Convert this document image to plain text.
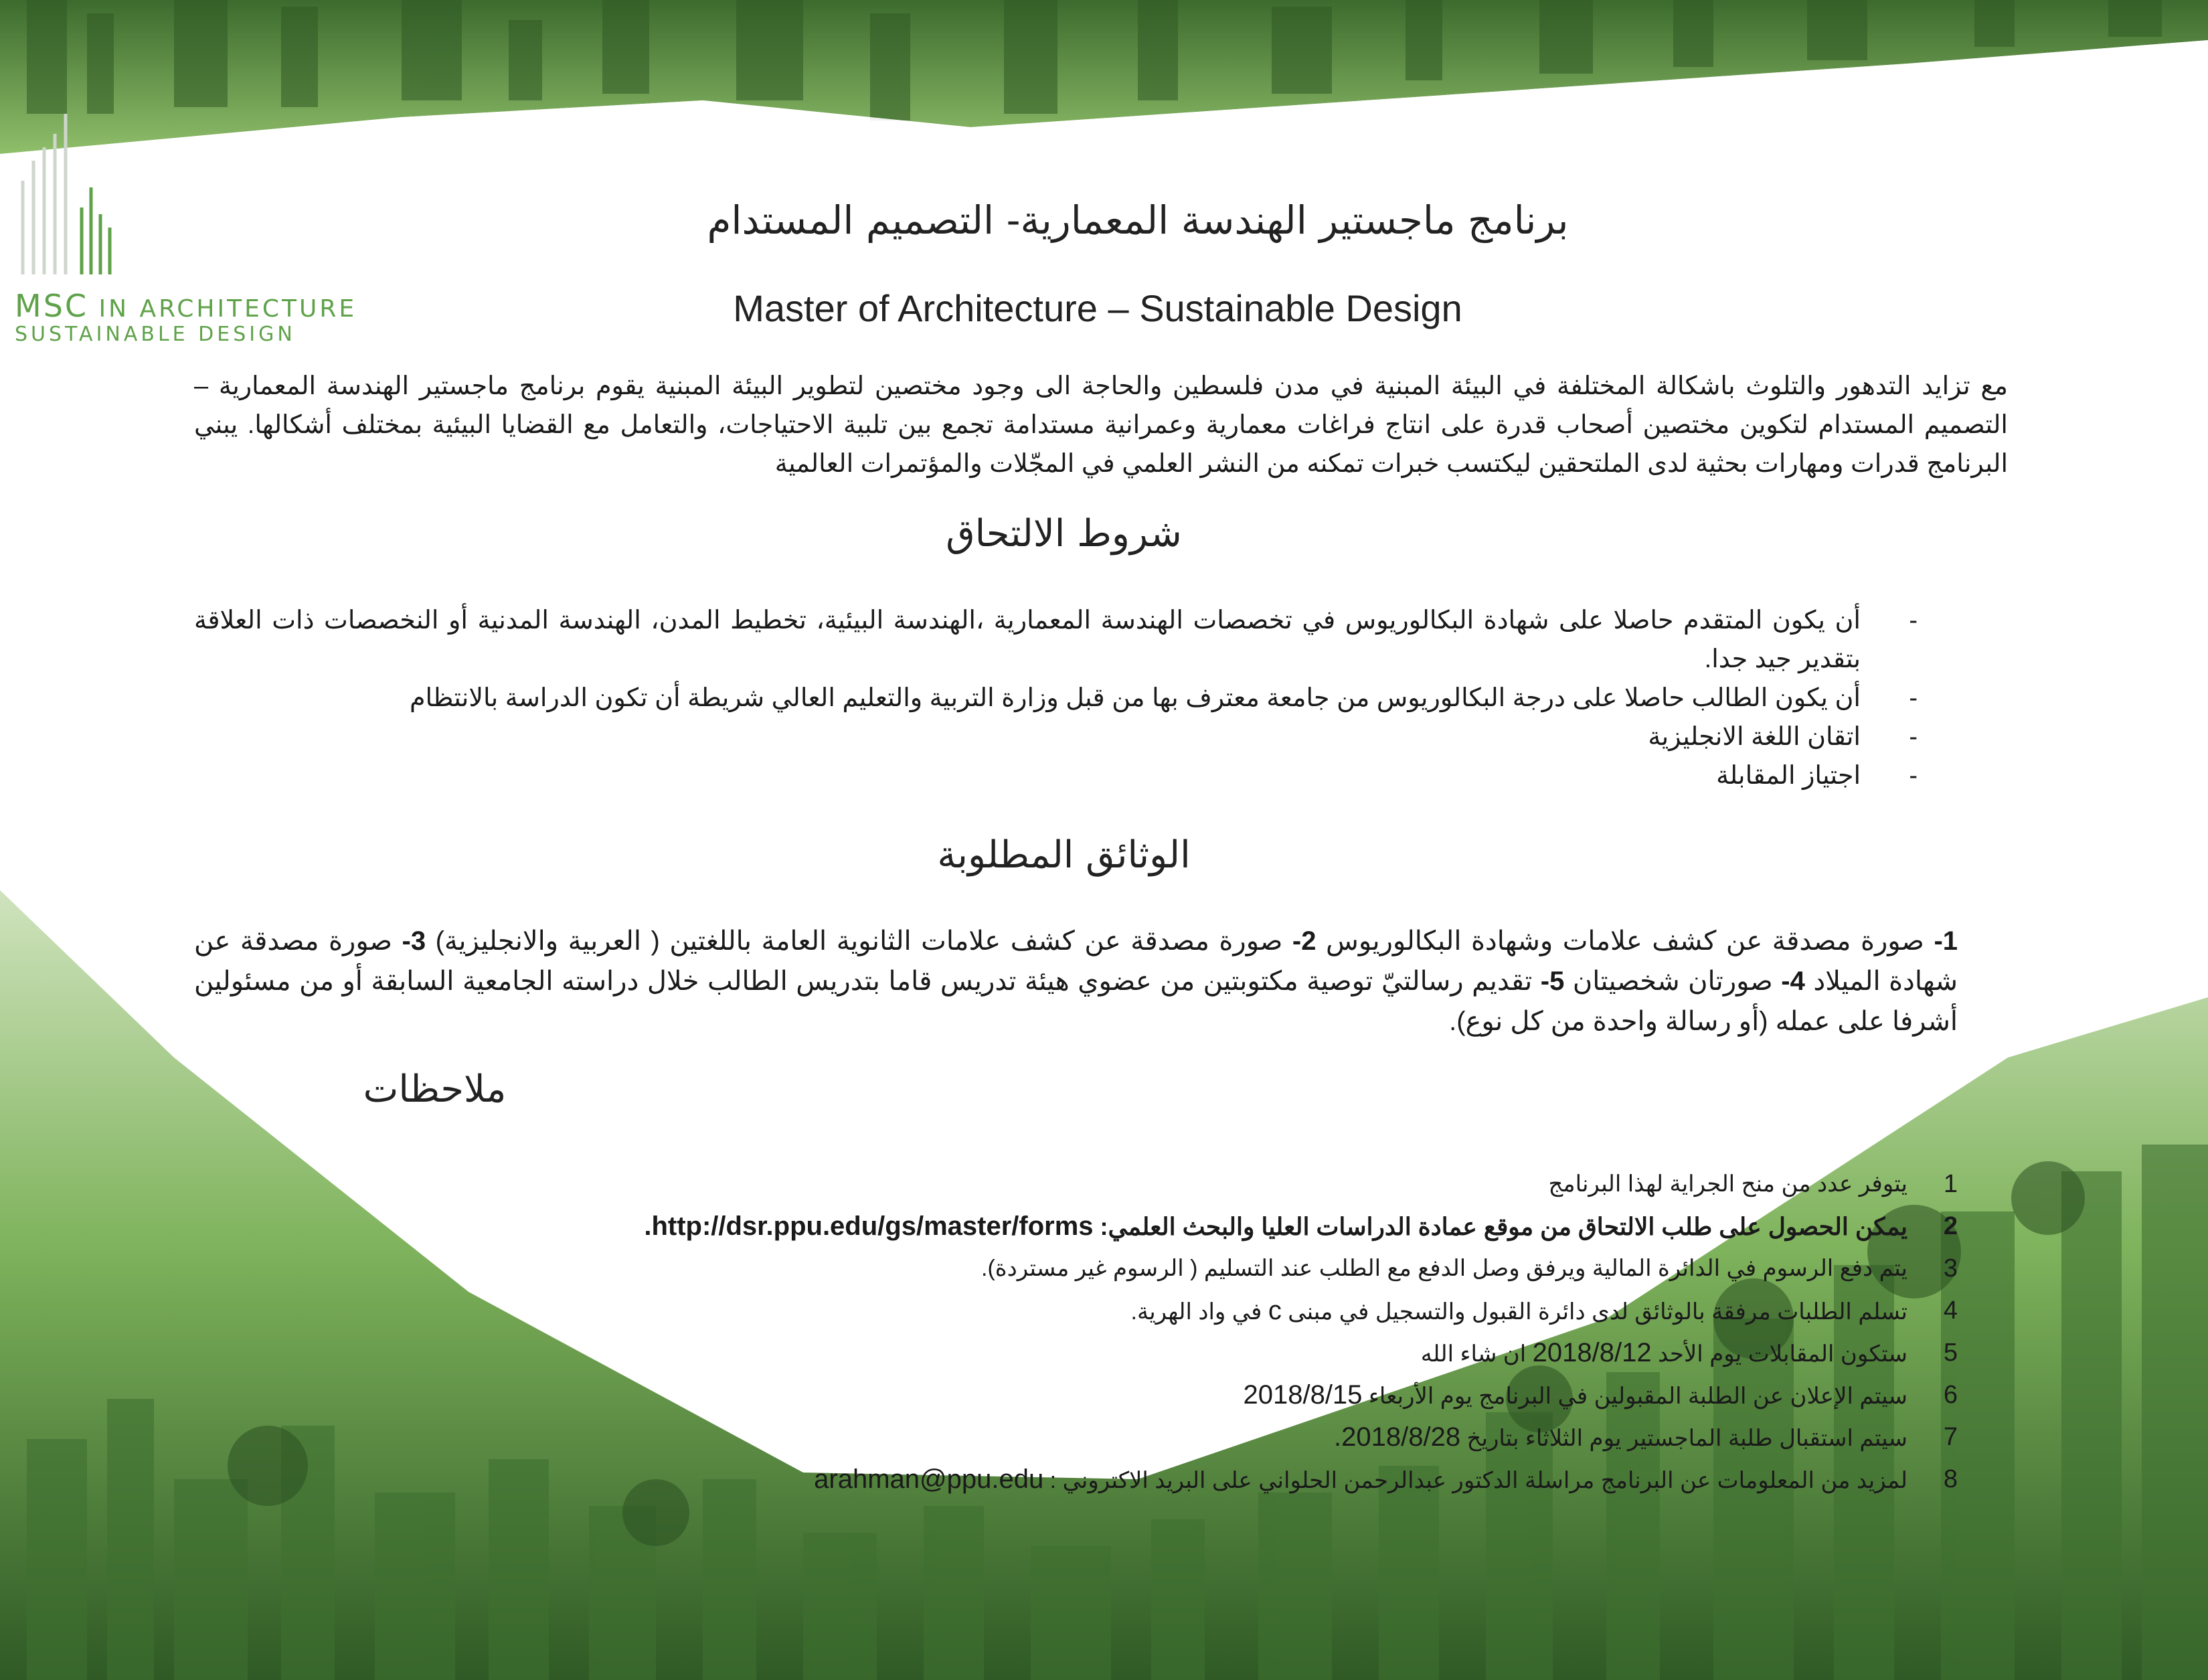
MSC IN ARCHITECTURE
SUSTAINABLE DESIGN
برنامج ماجستير الهندسة المعمارية- التصميم المستدام
Master of Architecture – Sustainable Design
مع تزايد التدهور والتلوث باشكالة المختلفة في البيئة المبنية في مدن فلسطين والحاجة الى وجود مختصين لتطوير البيئة المبنية يقوم برنامج ماجستير الهندسة المعمارية – التصميم المستدام لتكوين مختصين أصحاب قدرة على انتاج فراغات معمارية وعمرانية مستدامة تجمع بين تلبية الاحتياجات، والتعامل مع القضايا البيئية بمختلف أشكالها. يبني البرنامج قدرات ومهارات بحثية لدى الملتحقين ليكتسب خبرات تمكنه من النشر العلمي في المجّلات والمؤتمرات العالمية
شروط الالتحاق
-
أن يكون المتقدم حاصلا على شهادة البكالوريوس في تخصصات الهندسة المعمارية ،الهندسة البيئية، تخطيط المدن، الهندسة المدنية أو النخصصات ذات العلاقة بتقدير جيد جدا.
-
أن يكون الطالب حاصلا على درجة البكالوريوس من جامعة معترف بها من قبل وزارة التربية والتعليم العالي شريطة أن تكون الدراسة بالانتظام
-
اتقان اللغة الانجليزية
-
اجتياز المقابلة
الوثائق المطلوبة
1- صورة مصدقة عن كشف علامات وشهادة البكالوريوس 2- صورة مصدقة عن كشف علامات الثانوية العامة باللغتين ( العربية والانجليزية) 3- صورة مصدقة عن شهادة الميلاد 4- صورتان شخصيتان 5- تقديم رسالتيّ توصية مكتوبتين من عضوي هيئة تدريس قاما بتدريس الطالب خلال دراسته الجامعية السابقة أو من مسئولين أشرفا على عمله (أو رسالة واحدة من كل نوع).
ملاحظات
1
يتوفر عدد من منح الجراية لهذا البرنامج
2
يمكن الحصول على طلب الالتحاق من موقع عمادة الدراسات العليا والبحث العلمي: http://dsr.ppu.edu/gs/master/forms.
3
يتم دفع الرسوم في الدائرة المالية ويرفق وصل الدفع مع الطلب عند التسليم ( الرسوم غير مستردة).
4
تسلم الطلبات مرفقة بالوثائق لدى دائرة القبول والتسجيل في مبنى c في واد الهرية.
5
ستكون المقابلات يوم الأحد 2018/8/12 ان شاء الله
6
سيتم الإعلان عن الطلبة المقبولين في البرنامج يوم الأربعاء 2018/8/15
7
سيتم استقبال طلبة الماجستير يوم الثلاثاء بتاريخ 2018/8/28.
8
لمزيد من المعلومات عن البرنامج مراسلة الدكتور عبدالرحمن الحلواني على البريد الاكتروني : arahman@ppu.edu
